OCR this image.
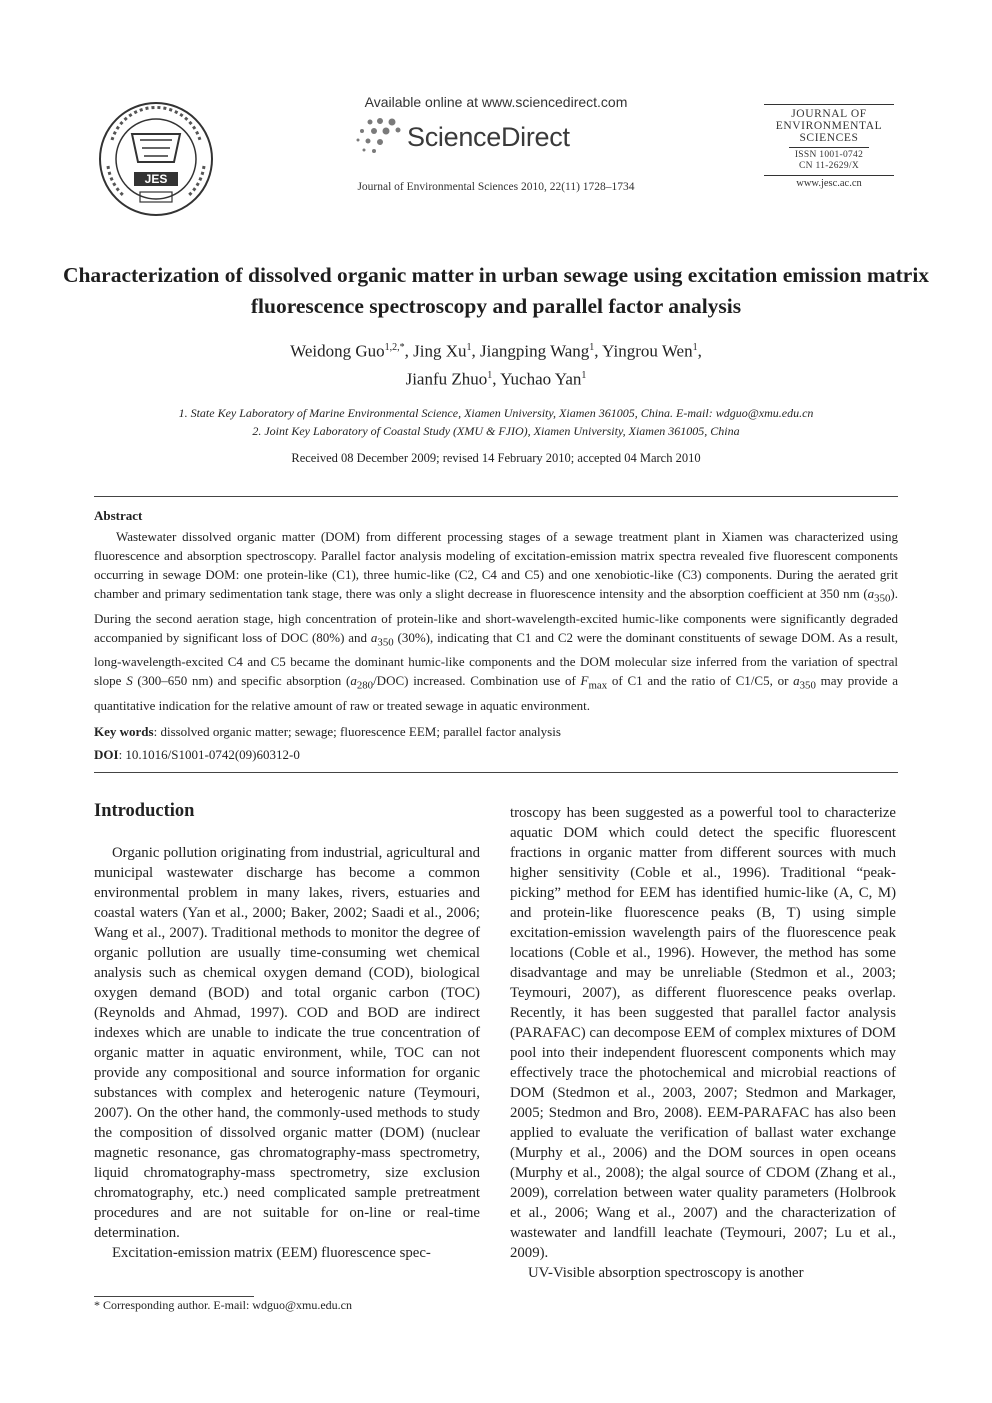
JES
Available online at www.sciencedirect.com
ScienceDirect
Journal of Environmental Sciences 2010, 22(11) 1728–1734
JOURNAL OF
ENVIRONMENTAL
SCIENCES
ISSN 1001-0742
CN 11-2629/X
www.jesc.ac.cn
Characterization of dissolved organic matter in urban sewage using excitation emission matrix fluorescence spectroscopy and parallel factor analysis
Weidong Guo$^{1,2,*}$, Jing Xu$^1$, Jiangping Wang$^1$, Yingrou Wen$^1$,
Jianfu Zhuo$^1$, Yuchao Yan$^1$
1. State Key Laboratory of Marine Environmental Science, Xiamen University, Xiamen 361005, China. E-mail: wdguo@xmu.edu.cn
2. Joint Key Laboratory of Coastal Study (XMU & FJIO), Xiamen University, Xiamen 361005, China
Received 08 December 2009; revised 14 February 2010; accepted 04 March 2010
Abstract
Wastewater dissolved organic matter (DOM) from different processing stages of a sewage treatment plant in Xiamen was characterized using fluorescence and absorption spectroscopy. Parallel factor analysis modeling of excitation-emission matrix spectra revealed five fluorescent components occurring in sewage DOM: one protein-like (C1), three humic-like (C2, C4 and C5) and one xenobiotic-like (C3) components. During the aerated grit chamber and primary sedimentation tank stage, there was only a slight decrease in fluorescence intensity and the absorption coefficient at 350 nm $(a_{350})$. During the second aeration stage, high concentration of protein-like and short-wavelength-excited humic-like components were significantly degraded accompanied by significant loss of DOC (80%) and $a_{350}$ (30%), indicating that C1 and C2 were the dominant constituents of sewage DOM. As a result, long-wavelength-excited C4 and C5 became the dominant humic-like components and the DOM molecular size inferred from the variation of spectral slope S (300–650 nm) and specific absorption $(a_{280}/DOC)$ increased. Combination use of $F_{max}$ of C1 and the ratio of C1/C5, or $a_{350}$ may provide a quantitative indication for the relative amount of raw or treated sewage in aquatic environment.
Key words: dissolved organic matter; sewage; fluorescence EEM; parallel factor analysis
DOI: 10.1016/S1001-0742(09)60312-0
Introduction

Organic pollution originating from industrial, agricultural and municipal wastewater discharge has become a common environmental problem in many lakes, rivers, estuaries and coastal waters (Yan et al., 2000; Baker, 2002; Saadi et al., 2006; Wang et al., 2007). Traditional methods to monitor the degree of organic pollution are usually time-consuming wet chemical analysis such as chemical oxygen demand (COD), biological oxygen demand (BOD) and total organic carbon (TOC) (Reynolds and Ahmad, 1997). COD and BOD are indirect indexes which are unable to indicate the true concentration of organic matter in aquatic environment, while, TOC can not provide any compositional and source information for organic substances with complex and heterogenic nature (Teymouri, 2007). On the other hand, the commonly-used methods to study the composition of dissolved organic matter (DOM) (nuclear magnetic resonance, gas chromatography-mass spectrometry, liquid chromatography-mass spectrometry, size exclusion chromatography, etc.) need complicated sample pretreatment procedures and are not suitable for on-line or real-time determination.

Excitation-emission matrix (EEM) fluorescence spec-

troscopy has been suggested as a powerful tool to characterize aquatic DOM which could detect the specific fluorescent fractions in organic matter from different sources with much higher sensitivity (Coble et al., 1996). Traditional “peak-picking” method for EEM has identified humic-like (A, C, M) and protein-like fluorescence peaks (B, T) using simple excitation-emission wavelength pairs of the fluorescence peak locations (Coble et al., 1996). However, the method has some disadvantage and may be unreliable (Stedmon et al., 2003; Teymouri, 2007), as different fluorescence peaks overlap. Recently, it has been suggested that parallel factor analysis (PARAFAC) can decompose EEM of complex mixtures of DOM pool into their independent fluorescent components which may effectively trace the photochemical and microbial reactions of DOM (Stedmon et al., 2003, 2007; Stedmon and Markager, 2005; Stedmon and Bro, 2008). EEM-PARAFAC has also been applied to evaluate the verification of ballast water exchange (Murphy et al., 2006) and the DOM sources in open oceans (Murphy et al., 2008); the algal source of CDOM (Zhang et al., 2009), correlation between water quality parameters (Holbrook et al., 2006; Wang et al., 2007) and the characterization of wastewater and landfill leachate (Teymouri, 2007; Lu et al., 2009).

UV-Visible absorption spectroscopy is another

* Corresponding author. E-mail: wdguo@xmu.edu.cn
